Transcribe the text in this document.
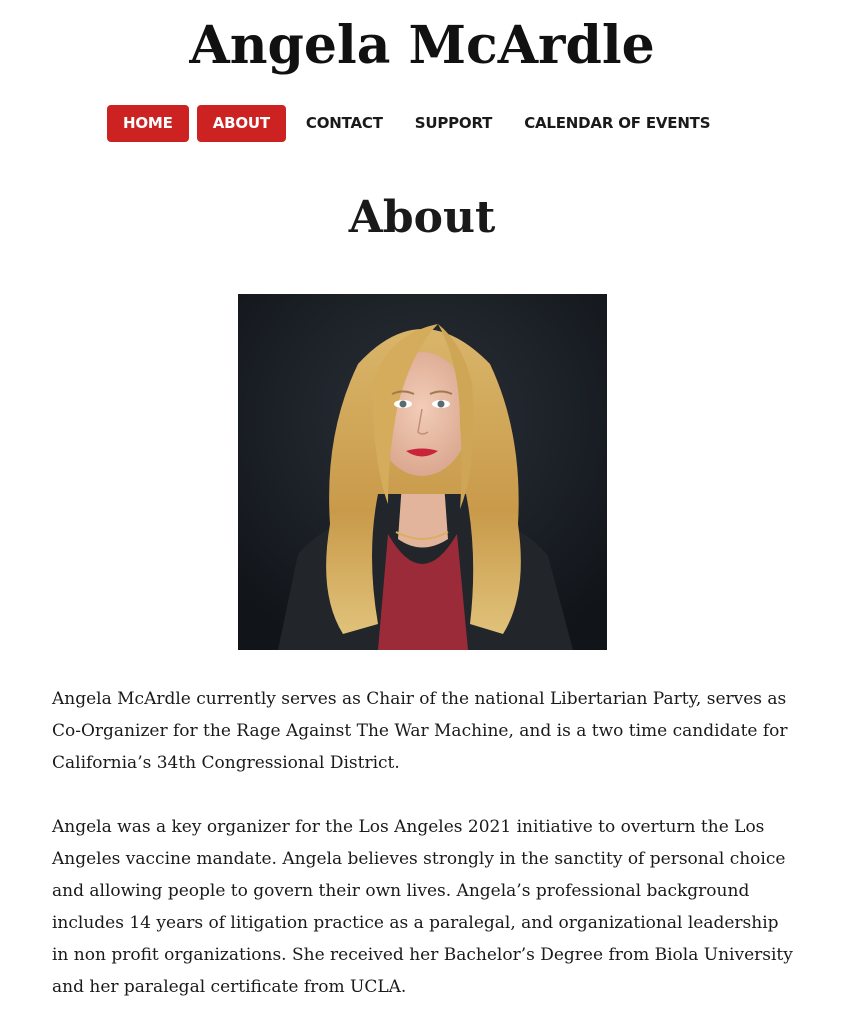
Angela McArdle
HOME	ABOUT	CONTACT	SUPPORT	CALENDAR OF EVENTS
About

Angela McArdle currently serves as Chair of the national Libertarian Party, serves as Co-Organizer for the Rage Against The War Machine, and is a two time candidate for California’s 34th Congressional District.

Angela was a key organizer for the Los Angeles 2021 initiative to overturn the Los Angeles vaccine mandate. Angela believes strongly in the sanctity of personal choice and allowing people to govern their own lives. Angela’s professional background includes 14 years of litigation practice as a paralegal, and organizational leadership in non profit organizations. She received her Bachelor’s Degree from Biola University and her paralegal certificate from UCLA.
